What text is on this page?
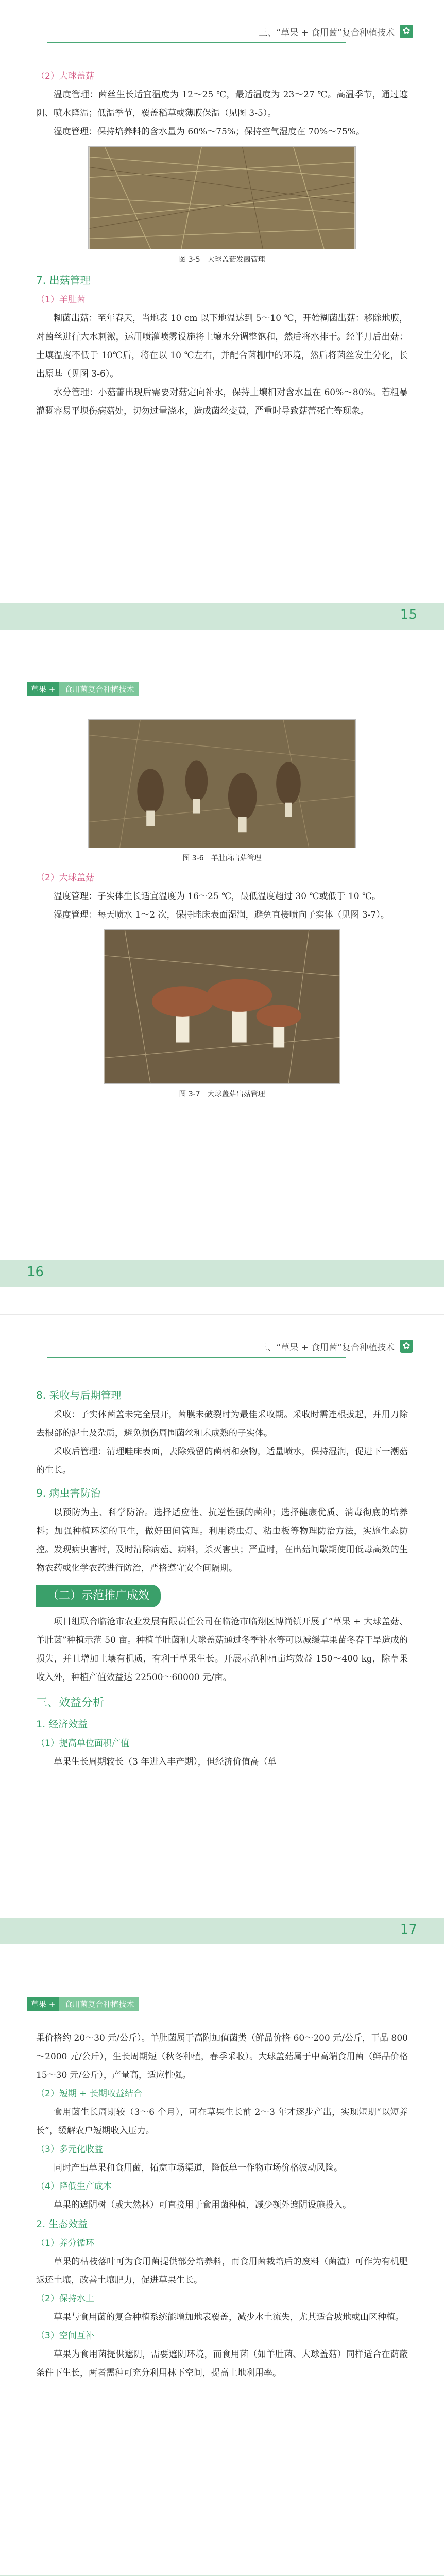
三、“草果 + 食用菌”复合种植技术 ✿
（2）大球盖菇

温度管理：菌丝生长适宜温度为 12～25 ℃，最适温度为 23～27 ℃。高温季节，通过遮阴、喷水降温；低温季节，覆盖稻草或薄膜保温（见图 3-5）。

湿度管理：保持培养料的含水量为 60%～75%；保持空气湿度在 70%～75%。

图 3-5　大球盖菇发菌管理
7. 出菇管理
（1）羊肚菌

糊菌出菇：至年春天，当地表 10 cm 以下地温达到 5～10 ℃，开始糊菌出菇：移除地膜，对菌丝进行大水刺激，运用喷灌喷雾设施将土壤水分调整饱和，然后将水排干。经半月后出菇：土壤温度不低于 10℃后，将在以 10 ℃左右，并配合菌棚中的环境，然后将菌丝发生分化，长出原基（见图 3-6）。

水分管理：小菇蕾出现后需要对菇定向补水，保持土壤相对含水量在 60%～80%。若粗暴灌溉容易平坝伤病菇处，切勿过量浇水，造成菌丝变黄，严重时导致菇蕾死亡等现象。

15
草果 +	食用菌复合种植技术
图 3-6　羊肚菌出菇管理
（2）大球盖菇

温度管理：子实体生长适宜温度为 16～25 ℃，最低温度超过 30 ℃或低于 10 ℃。

湿度管理：每天喷水 1～2 次，保持畦床表面湿润，避免直接喷向子实体（见图 3-7）。

图 3-7　大球盖菇出菇管理
16
三、“草果 + 食用菌”复合种植技术 ✿
8. 采收与后期管理

采收：子实体菌盖未完全展开，菌膜未破裂时为最佳采收期。采收时需连根拔起，并用刀除去根部的泥土及杂质，避免损伤周围菌丝和未成熟的子实体。

采收后管理：清理畦床表面，去除残留的菌柄和杂物，适量喷水，保持湿润，促进下一潮菇的生长。

9. 病虫害防治

以预防为主、科学防治。选择适应性、抗逆性强的菌种；选择健康优质、消毒彻底的培养料；加强种植环境的卫生，做好田间管理。利用诱虫灯、粘虫板等物理防治方法，实施生态防控。发现病虫害时，及时清除病菇、病料，杀灭害虫；严重时，在出菇间歇期使用低毒高效的生物农药或化学农药进行防治，严格遵守安全间隔期。

（二）示范推广成效

项目组联合临沧市农业发展有限责任公司在临沧市临翔区博尚镇开展了“草果 + 大球盖菇、羊肚菌”种植示范 50 亩。种植羊肚菌和大球盖菇通过冬季补水等可以减缓草果苗冬春干旱造成的损失，并且增加土壤有机质，有利于草果生长。开展示范种植亩均效益 150～400 kg，除草果收入外，种植产值效益达 22500～60000 元/亩。

三、效益分析
1. 经济效益
（1）提高单位面积产值

草果生长周期较长（3 年进入丰产期），但经济价值高（单

17
草果 +	食用菌复合种植技术

果价格约 20～30 元/公斤）。羊肚菌属于高附加值菌类（鲜品价格 60～200 元/公斤，干品 800～2000 元/公斤），生长周期短（秋冬种植，春季采收）。大球盖菇属于中高端食用菌（鲜品价格 15～30 元/公斤），产量高，适应性强。

（2）短期 + 长期收益结合

食用菌生长周期较（3～6 个月），可在草果生长前 2～3 年才逐步产出，实现短期“以短养长”，缓解农户短期收入压力。

（3）多元化收益

同时产出草果和食用菌，拓宽市场渠道，降低单一作物市场价格波动风险。

（4）降低生产成本

草果的遮阴树（或大然林）可直接用于食用菌种植，减少额外遮阴设施投入。

2. 生态效益
（1）养分循环

草果的枯枝落叶可为食用菌提供部分培养料，而食用菌栽培后的废料（菌渣）可作为有机肥返还土壤，改善土壤肥力，促进草果生长。

（2）保持水土

草果与食用菌的复合种植系统能增加地表覆盖，减少水土流失，尤其适合坡地或山区种植。

（3）空间互补

草果为食用菌提供遮阴，需要遮阴环境，而食用菌（如羊肚菌、大球盖菇）同样适合在荫蔽条件下生长，两者需种可充分利用林下空间，提高土地利用率。
